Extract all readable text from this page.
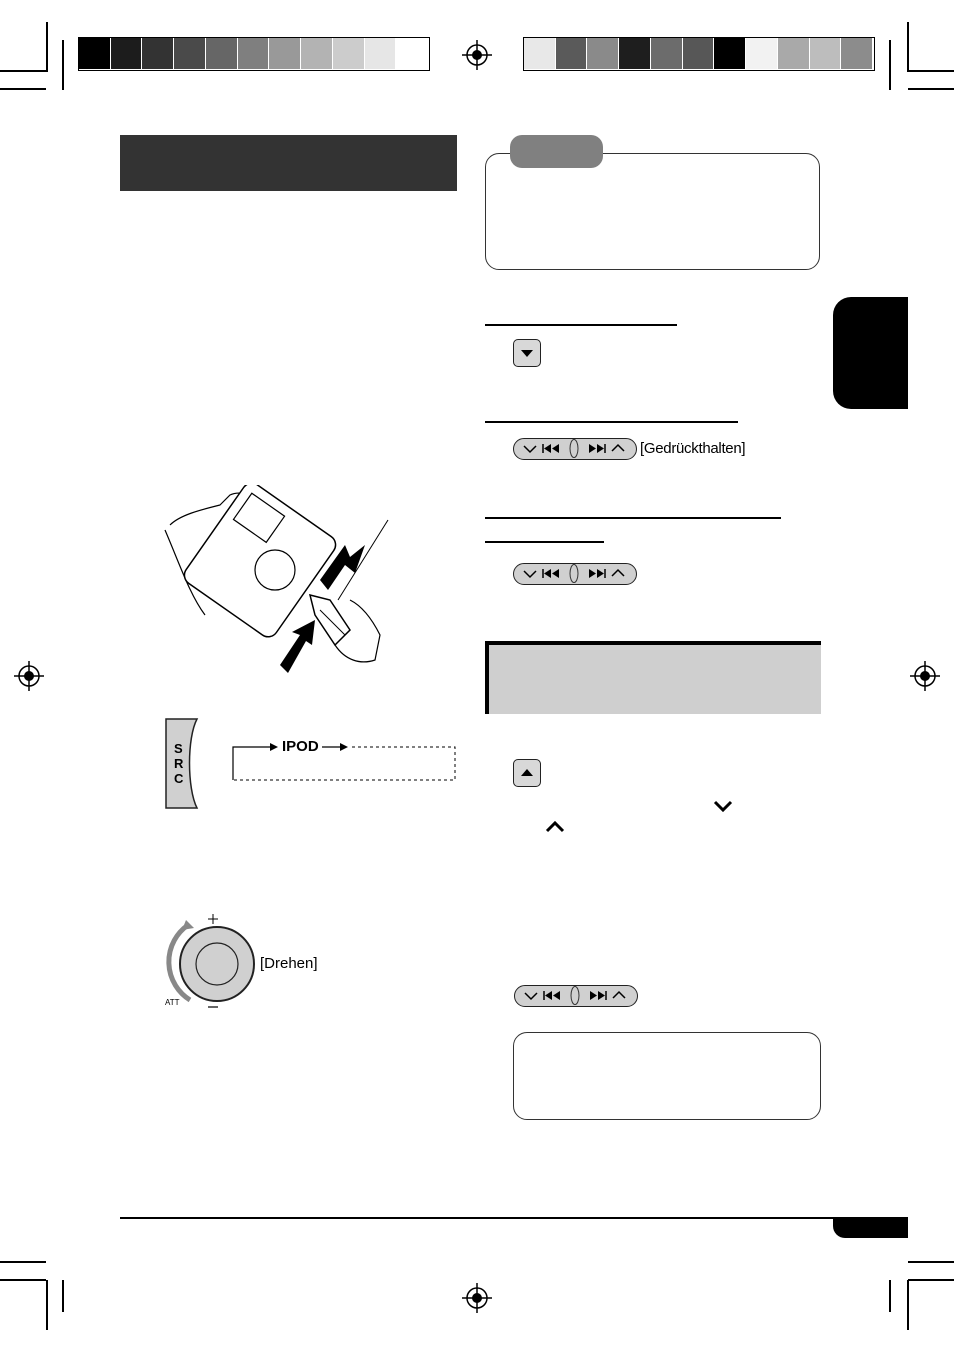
S
R
C
IPOD
ATT
[Drehen]
[Gedrückthalten]
